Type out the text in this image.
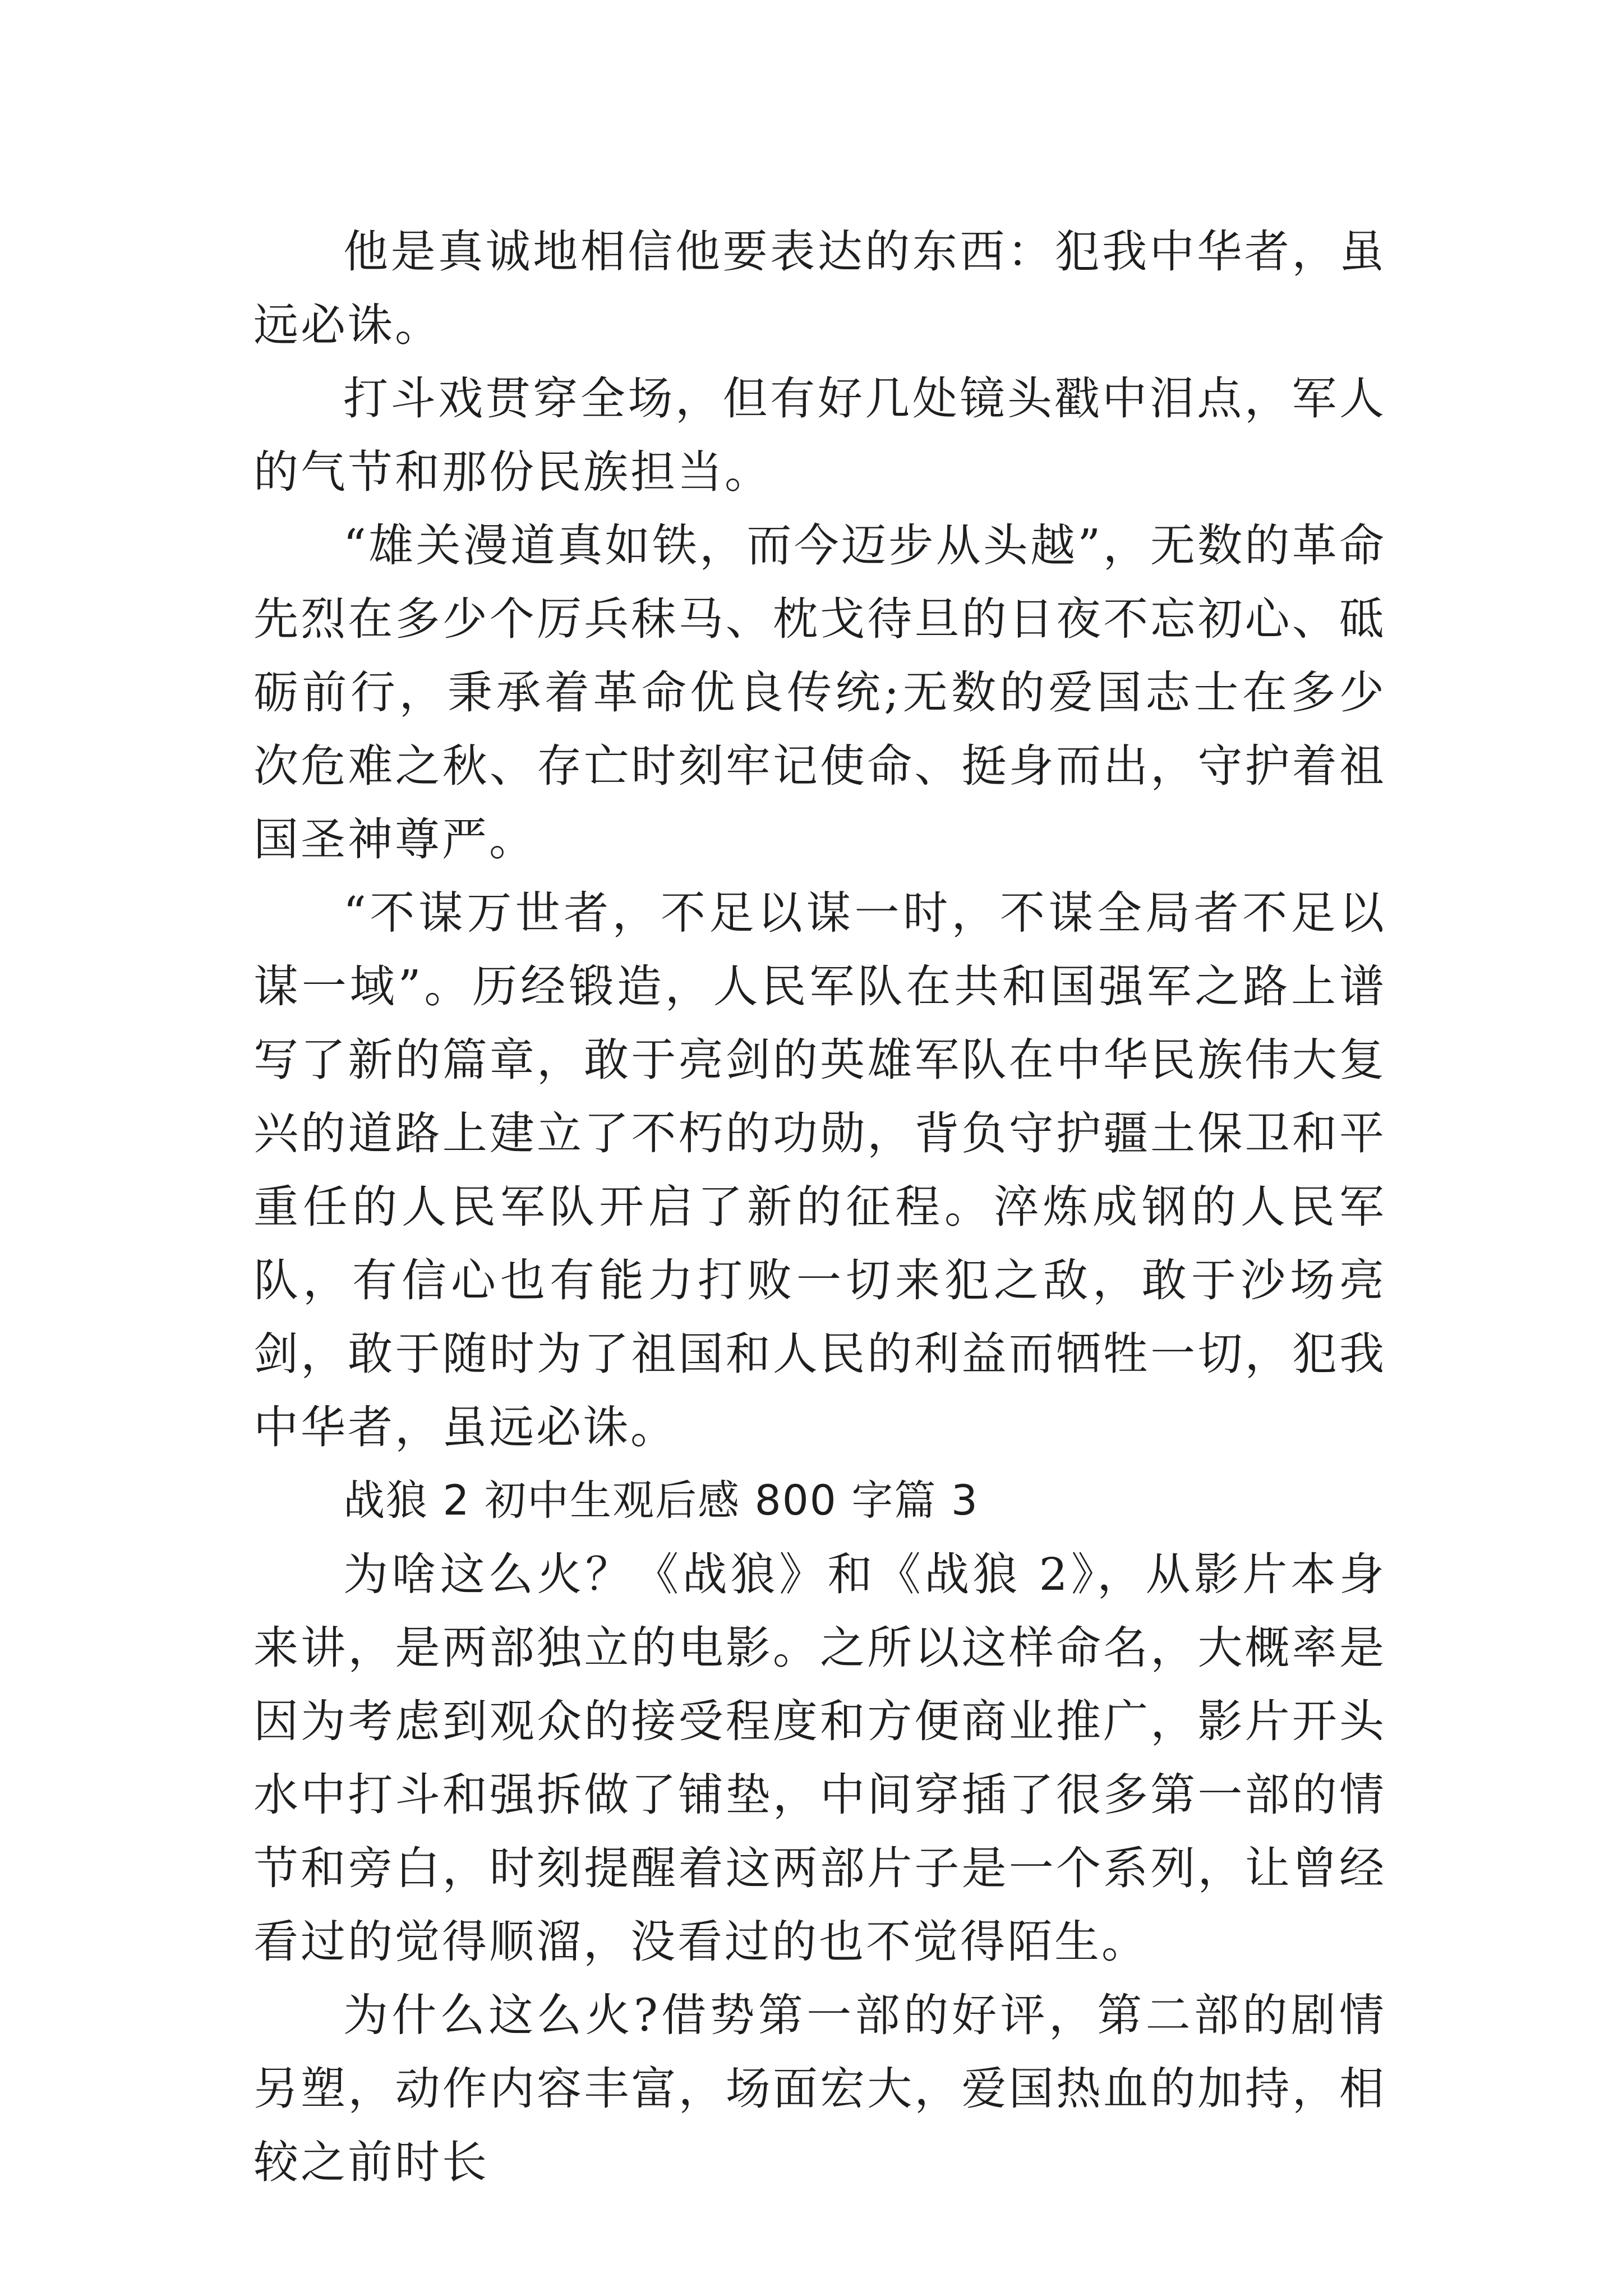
他是真诚地相信他要表达的东西：犯我中华者，虽远必诛。

打斗戏贯穿全场，但有好几处镜头戳中泪点，军人的气节和那份民族担当。

“雄关漫道真如铁，而今迈步从头越”，无数的革命先烈在多少个厉兵秣马、枕戈待旦的日夜不忘初心、砥砺前行，秉承着革命优良传统;无数的爱国志士在多少次危难之秋、存亡时刻牢记使命、挺身而出，守护着祖国圣神尊严。

“不谋万世者，不足以谋一时，不谋全局者不足以谋一域”。历经锻造，人民军队在共和国强军之路上谱写了新的篇章，敢于亮剑的英雄军队在中华民族伟大复兴的道路上建立了不朽的功勋，背负守护疆土保卫和平重任的人民军队开启了新的征程。淬炼成钢的人民军队，有信心也有能力打败一切来犯之敌，敢于沙场亮剑，敢于随时为了祖国和人民的利益而牺牲一切，犯我中华者，虽远必诛。

战狼 2 初中生观后感 800 字篇 3

为啥这么火？《战狼》和《战狼 2》，从影片本身来讲，是两部独立的电影。之所以这样命名，大概率是因为考虑到观众的接受程度和方便商业推广，影片开头水中打斗和强拆做了铺垫，中间穿插了很多第一部的情节和旁白，时刻提醒着这两部片子是一个系列，让曾经看过的觉得顺溜，没看过的也不觉得陌生。

为什么这么火?借势第一部的好评，第二部的剧情另塑，动作内容丰富，场面宏大，爱国热血的加持，相较之前时长
